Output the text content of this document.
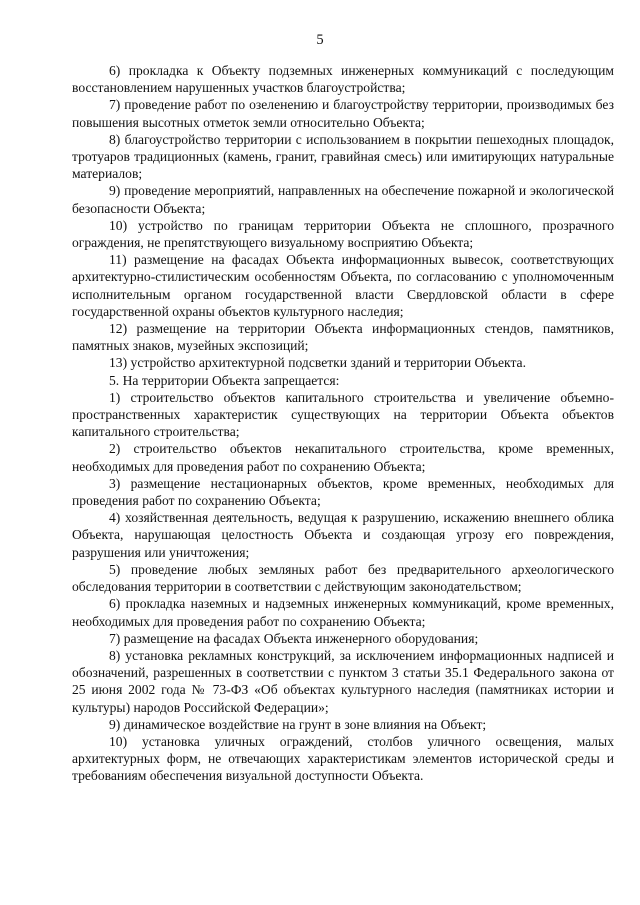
5

6) прокладка к Объекту подземных инженерных коммуникаций с последующим восстановлением нарушенных участков благоустройства;

7) проведение работ по озеленению и благоустройству территории, производимых без повышения высотных отметок земли относительно Объекта;

8) благоустройство территории с использованием в покрытии пешеходных площадок, тротуаров традиционных (камень, гранит, гравийная смесь) или имитирующих натуральные материалов;

9) проведение мероприятий, направленных на обеспечение пожарной и экологической безопасности Объекта;

10) устройство по границам территории Объекта не сплошного, прозрачного ограждения, не препятствующего визуальному восприятию Объекта;

11) размещение на фасадах Объекта информационных вывесок, соответствующих архитектурно-стилистическим особенностям Объекта, по согласованию с уполномоченным исполнительным органом государственной власти Свердловской области в сфере государственной охраны объектов культурного наследия;

12) размещение на территории Объекта информационных стендов, памятников, памятных знаков, музейных экспозиций;

13) устройство архитектурной подсветки зданий и территории Объекта.

5. На территории Объекта запрещается:

1) строительство объектов капитального строительства и увеличение объемно-пространственных характеристик существующих на территории Объекта объектов капитального строительства;

2) строительство объектов некапитального строительства, кроме временных, необходимых для проведения работ по сохранению Объекта;

3) размещение нестационарных объектов, кроме временных, необходимых для проведения работ по сохранению Объекта;

4) хозяйственная деятельность, ведущая к разрушению, искажению внешнего облика Объекта, нарушающая целостность Объекта и создающая угрозу его повреждения, разрушения или уничтожения;

5) проведение любых земляных работ без предварительного археологического обследования территории в соответствии с действующим законодательством;

6) прокладка наземных и надземных инженерных коммуникаций, кроме временных, необходимых для проведения работ по сохранению Объекта;

7) размещение на фасадах Объекта инженерного оборудования;

8) установка рекламных конструкций, за исключением информационных надписей и обозначений, разрешенных в соответствии с пунктом 3 статьи 35.1 Федерального закона от 25 июня 2002 года № 73-ФЗ «Об объектах культурного наследия (памятниках истории и культуры) народов Российской Федерации»;

9) динамическое воздействие на грунт в зоне влияния на Объект;

10) установка уличных ограждений, столбов уличного освещения, малых архитектурных форм, не отвечающих характеристикам элементов исторической среды и требованиям обеспечения визуальной доступности Объекта.
